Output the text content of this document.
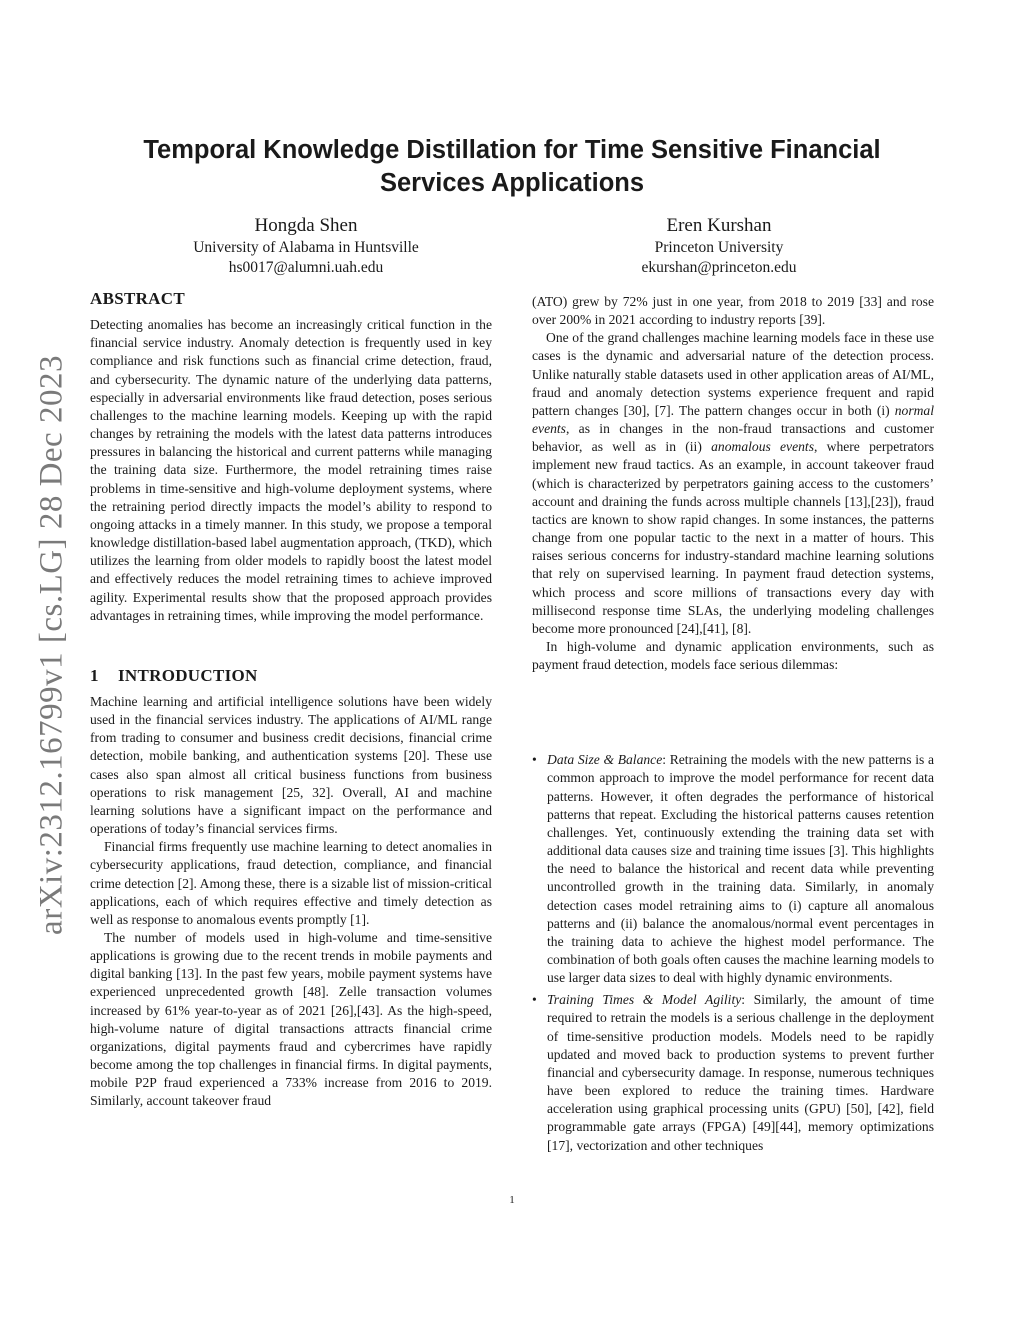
Temporal Knowledge Distillation for Time Sensitive Financial Services Applications
Hongda Shen
University of Alabama in Huntsville
hs0017@alumni.uah.edu
Eren Kurshan
Princeton University
ekurshan@princeton.edu
arXiv:2312.16799v1 [cs.LG] 28 Dec 2023
ABSTRACT

Detecting anomalies has become an increasingly critical function in the financial service industry. Anomaly detection is frequently used in key compliance and risk functions such as financial crime detection, fraud, and cybersecurity. The dynamic nature of the underlying data patterns, especially in adversarial environments like fraud detection, poses serious challenges to the machine learning models. Keeping up with the rapid changes by retraining the models with the latest data patterns introduces pressures in balancing the historical and current patterns while managing the training data size. Furthermore, the model retraining times raise problems in time-sensitive and high-volume deployment systems, where the retraining period directly impacts the model’s ability to respond to ongoing attacks in a timely manner. In this study, we propose a temporal knowledge distillation-based label augmentation approach, (TKD), which utilizes the learning from older models to rapidly boost the latest model and effectively reduces the model retraining times to achieve improved agility. Experimental results show that the proposed approach provides advantages in retraining times, while improving the model performance.

1 INTRODUCTION

Machine learning and artificial intelligence solutions have been widely used in the financial services industry. The applications of AI/ML range from trading to consumer and business credit decisions, financial crime detection, mobile banking, and authentication systems [20]. These use cases also span almost all critical business functions from business operations to risk management [25, 32]. Overall, AI and machine learning solutions have a significant impact on the performance and operations of today’s financial services firms.

Financial firms frequently use machine learning to detect anomalies in cybersecurity applications, fraud detection, compliance, and financial crime detection [2]. Among these, there is a sizable list of mission-critical applications, each of which requires effective and timely detection as well as response to anomalous events promptly [1].

The number of models used in high-volume and time-sensitive applications is growing due to the recent trends in mobile payments and digital banking [13]. In the past few years, mobile payment systems have experienced unprecedented growth [48]. Zelle transaction volumes increased by 61% year-to-year as of 2021 [26],[43]. As the high-speed, high-volume nature of digital transactions attracts financial crime organizations, digital payments fraud and cybercrimes have rapidly become among the top challenges in financial firms. In digital payments, mobile P2P fraud experienced a 733% increase from 2016 to 2019. Similarly, account takeover fraud

(ATO) grew by 72% just in one year, from 2018 to 2019 [33] and rose over 200% in 2021 according to industry reports [39].

One of the grand challenges machine learning models face in these use cases is the dynamic and adversarial nature of the detection process. Unlike naturally stable datasets used in other application areas of AI/ML, fraud and anomaly detection systems experience frequent and rapid pattern changes [30], [7]. The pattern changes occur in both (i) normal events, as in changes in the non-fraud transactions and customer behavior, as well as in (ii) anomalous events, where perpetrators implement new fraud tactics. As an example, in account takeover fraud (which is characterized by perpetrators gaining access to the customers’ account and draining the funds across multiple channels [13],[23]), fraud tactics are known to show rapid changes. In some instances, the patterns change from one popular tactic to the next in a matter of hours. This raises serious concerns for industry-standard machine learning solutions that rely on supervised learning. In payment fraud detection systems, which process and score millions of transactions every day with millisecond response time SLAs, the underlying modeling challenges become more pronounced [24],[41], [8].

In high-volume and dynamic application environments, such as payment fraud detection, models face serious dilemmas:

• Data Size & Balance: Retraining the models with the new patterns is a common approach to improve the model performance for recent data patterns. However, it often degrades the performance of historical patterns that repeat. Excluding the historical patterns causes retention challenges. Yet, continuously extending the training data set with additional data causes size and training time issues [3]. This highlights the need to balance the historical and recent data while preventing uncontrolled growth in the training data. Similarly, in anomaly detection cases model retraining aims to (i) capture all anomalous patterns and (ii) balance the anomalous/normal event percentages in the training data to achieve the highest model performance. The combination of both goals often causes the machine learning models to use larger data sizes to deal with highly dynamic environments.
• Training Times & Model Agility: Similarly, the amount of time required to retrain the models is a serious challenge in the deployment of time-sensitive production models. Models need to be rapidly updated and moved back to production systems to prevent further financial and cybersecurity damage. In response, numerous techniques have been explored to reduce the training times. Hardware acceleration using graphical processing units (GPU) [50], [42], field programmable gate arrays (FPGA) [49][44], memory optimizations [17], vectorization and other techniques
1
